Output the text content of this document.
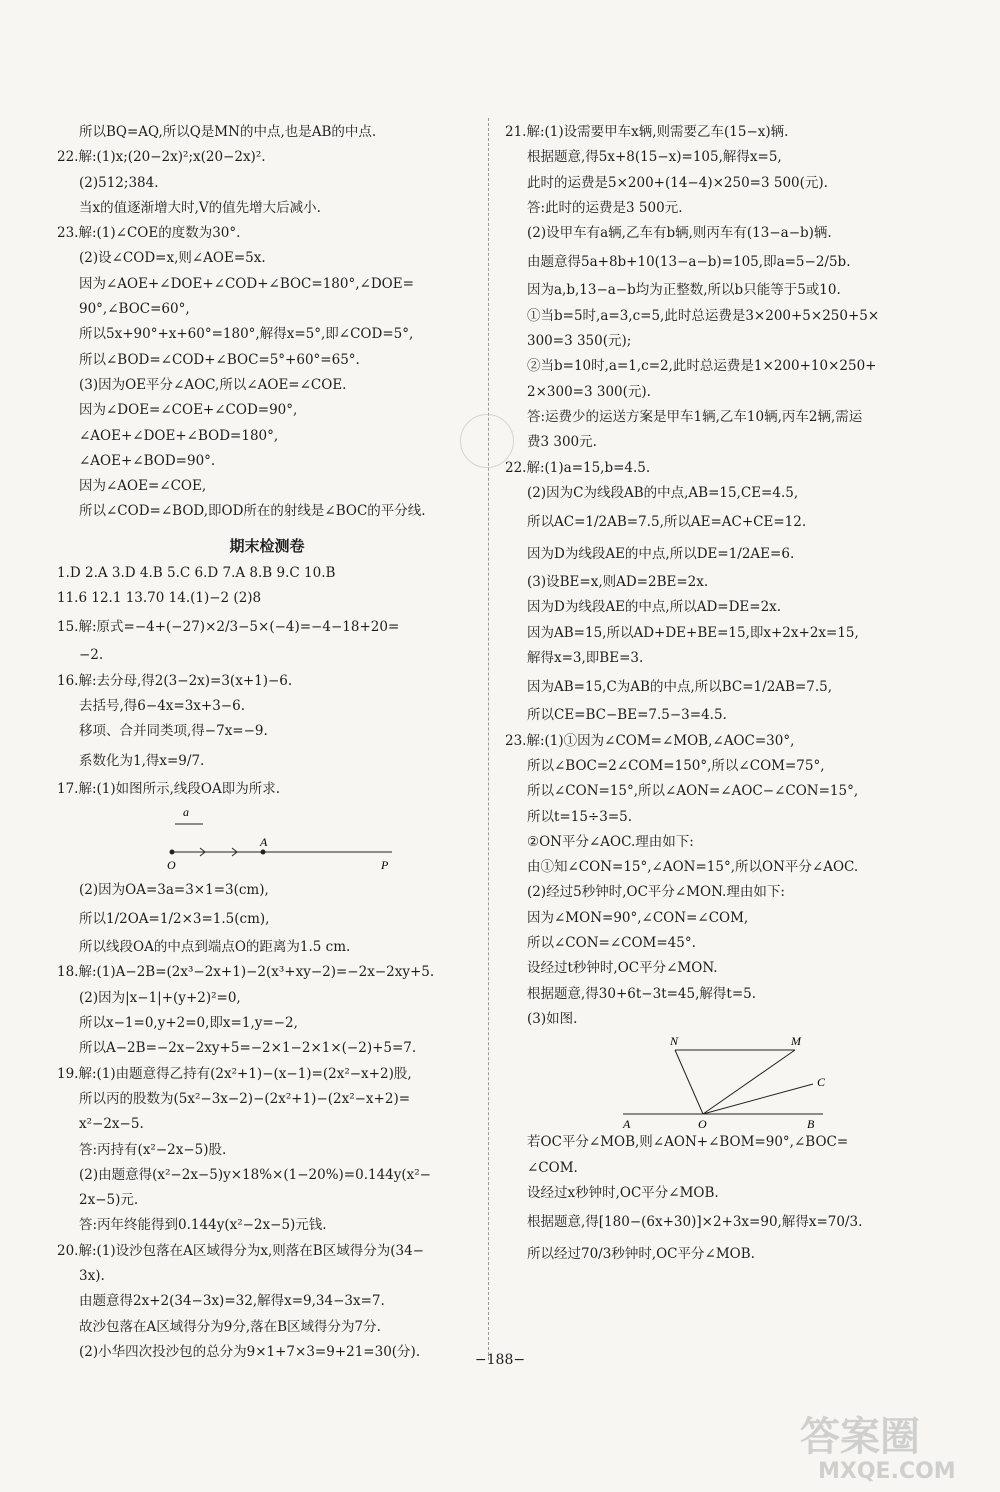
所以BQ=AQ,所以Q是MN的中点,也是AB的中点.
22.解:(1)x;(20−2x)²;x(20−2x)².
(2)512;384.
当x的值逐渐增大时,V的值先增大后减小.
23.解:(1)∠COE的度数为30°.
(2)设∠COD=x,则∠AOE=5x.
因为∠AOE+∠DOE+∠COD+∠BOC=180°,∠DOE=
90°,∠BOC=60°,
所以5x+90°+x+60°=180°,解得x=5°,即∠COD=5°,
所以∠BOD=∠COD+∠BOC=5°+60°=65°.
(3)因为OE平分∠AOC,所以∠AOE=∠COE.
因为∠DOE=∠COE+∠COD=90°,
∠AOE+∠DOE+∠BOD=180°,
∠AOE+∠BOD=90°.
因为∠AOE=∠COE,
所以∠COD=∠BOD,即OD所在的射线是∠BOC的平分线.
期末检测卷
1.D 2.A 3.D 4.B 5.C 6.D 7.A 8.B 9.C 10.B
11.6 12.1 13.70 14.(1)−2 (2)8
15.解:原式=−4+(−27)×2/3−5×(−4)=−4−18+20=
−2.
16.解:去分母,得2(3−2x)=3(x+1)−6.
去括号,得6−4x=3x+3−6.
移项、合并同类项,得−7x=−9.
系数化为1,得x=9/7.
17.解:(1)如图所示,线段OA即为所求.
a
O
A
P
(2)因为OA=3a=3×1=3(cm),
所以1/2OA=1/2×3=1.5(cm),
所以线段OA的中点到端点O的距离为1.5 cm.
18.解:(1)A−2B=(2x³−2x+1)−2(x³+xy−2)=−2x−2xy+5.
(2)因为|x−1|+(y+2)²=0,
所以x−1=0,y+2=0,即x=1,y=−2,
所以A−2B=−2x−2xy+5=−2×1−2×1×(−2)+5=7.
19.解:(1)由题意得乙持有(2x²+1)−(x−1)=(2x²−x+2)股,
所以丙的股数为(5x²−3x−2)−(2x²+1)−(2x²−x+2)=
x²−2x−5.
答:丙持有(x²−2x−5)股.
(2)由题意得(x²−2x−5)y×18%×(1−20%)=0.144y(x²−
2x−5)元.
答:丙年终能得到0.144y(x²−2x−5)元钱.
20.解:(1)设沙包落在A区域得分为x,则落在B区域得分为(34−
3x).
由题意得2x+2(34−3x)=32,解得x=9,34−3x=7.
故沙包落在A区域得分为9分,落在B区域得分为7分.
(2)小华四次投沙包的总分为9×1+7×3=9+21=30(分).
21.解:(1)设需要甲车x辆,则需要乙车(15−x)辆.
根据题意,得5x+8(15−x)=105,解得x=5,
此时的运费是5×200+(14−4)×250=3 500(元).
答:此时的运费是3 500元.
(2)设甲车有a辆,乙车有b辆,则丙车有(13−a−b)辆.
由题意得5a+8b+10(13−a−b)=105,即a=5−2/5b.
因为a,b,13−a−b均为正整数,所以b只能等于5或10.
①当b=5时,a=3,c=5,此时总运费是3×200+5×250+5×
300=3 350(元);
②当b=10时,a=1,c=2,此时总运费是1×200+10×250+
2×300=3 300(元).
答:运费少的运送方案是甲车1辆,乙车10辆,丙车2辆,需运
费3 300元.
22.解:(1)a=15,b=4.5.
(2)因为C为线段AB的中点,AB=15,CE=4.5,
所以AC=1/2AB=7.5,所以AE=AC+CE=12.
因为D为线段AE的中点,所以DE=1/2AE=6.
(3)设BE=x,则AD=2BE=2x.
因为D为线段AE的中点,所以AD=DE=2x.
因为AB=15,所以AD+DE+BE=15,即x+2x+2x=15,
解得x=3,即BE=3.
因为AB=15,C为AB的中点,所以BC=1/2AB=7.5,
所以CE=BC−BE=7.5−3=4.5.
23.解:(1)①因为∠COM=∠MOB,∠AOC=30°,
所以∠BOC=2∠COM=150°,所以∠COM=75°,
所以∠CON=15°,所以∠AON=∠AOC−∠CON=15°,
所以t=15÷3=5.
②ON平分∠AOC.理由如下:
由①知∠CON=15°,∠AON=15°,所以ON平分∠AOC.
(2)经过5秒钟时,OC平分∠MON.理由如下:
因为∠MON=90°,∠CON=∠COM,
所以∠CON=∠COM=45°.
设经过t秒钟时,OC平分∠MON.
根据题意,得30+6t−3t=45,解得t=5.
(3)如图.
N	M
C
A	O	B
若OC平分∠MOB,则∠AON+∠BOM=90°,∠BOC=
∠COM.
设经过x秒钟时,OC平分∠MOB.
根据题意,得[180−(6x+30)]×2+3x=90,解得x=70/3.
所以经过70/3秒钟时,OC平分∠MOB.
−188−
答案圈
MXQE.COM
